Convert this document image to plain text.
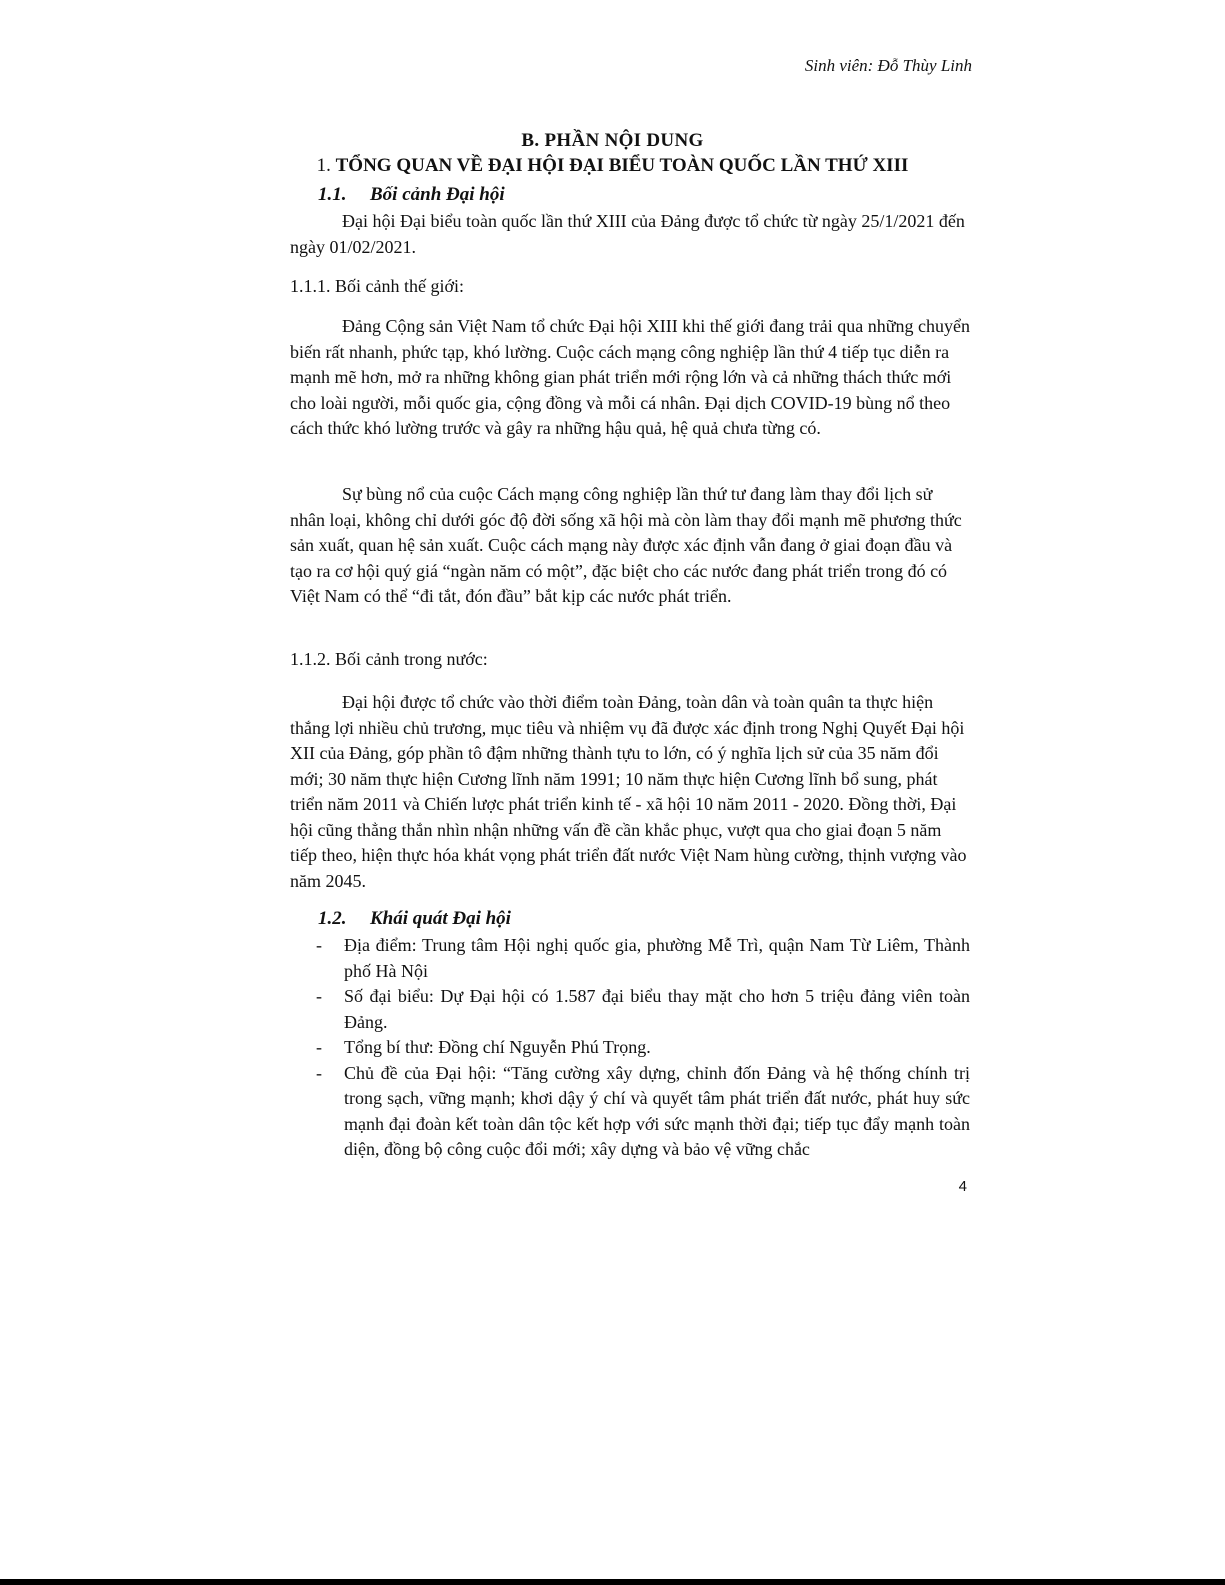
Sinh viên: Đỗ Thùy Linh
B. PHẦN NỘI DUNG
1. TỔNG QUAN VỀ ĐẠI HỘI ĐẠI BIỂU TOÀN QUỐC LẦN THỨ XIII
1.1. Bối cảnh Đại hội
Đại hội Đại biểu toàn quốc lần thứ XIII của Đảng được tổ chức từ ngày 25/1/2021 đến ngày 01/02/2021.
1.1.1. Bối cảnh thế giới:
Đảng Cộng sản Việt Nam tổ chức Đại hội XIII khi thế giới đang trải qua những chuyển biến rất nhanh, phức tạp, khó lường. Cuộc cách mạng công nghiệp lần thứ 4 tiếp tục diễn ra mạnh mẽ hơn, mở ra những không gian phát triển mới rộng lớn và cả những thách thức mới cho loài người, mỗi quốc gia, cộng đồng và mỗi cá nhân. Đại dịch COVID-19 bùng nổ theo cách thức khó lường trước và gây ra những hậu quả, hệ quả chưa từng có.
Sự bùng nổ của cuộc Cách mạng công nghiệp lần thứ tư đang làm thay đổi lịch sử nhân loại, không chỉ dưới góc độ đời sống xã hội mà còn làm thay đổi mạnh mẽ phương thức sản xuất, quan hệ sản xuất. Cuộc cách mạng này được xác định vẫn đang ở giai đoạn đầu và tạo ra cơ hội quý giá “ngàn năm có một”, đặc biệt cho các nước đang phát triển trong đó có Việt Nam có thể “đi tắt, đón đầu” bắt kịp các nước phát triển.
1.1.2. Bối cảnh trong nước:
Đại hội được tổ chức vào thời điểm toàn Đảng, toàn dân và toàn quân ta thực hiện thắng lợi nhiều chủ trương, mục tiêu và nhiệm vụ đã được xác định trong Nghị Quyết Đại hội XII của Đảng, góp phần tô đậm những thành tựu to lớn, có ý nghĩa lịch sử của 35 năm đổi mới; 30 năm thực hiện Cương lĩnh năm 1991; 10 năm thực hiện Cương lĩnh bổ sung, phát triển năm 2011 và Chiến lược phát triển kinh tế - xã hội 10 năm 2011 - 2020. Đồng thời, Đại hội cũng thẳng thắn nhìn nhận những vấn đề cần khắc phục, vượt qua cho giai đoạn 5 năm tiếp theo, hiện thực hóa khát vọng phát triển đất nước Việt Nam hùng cường, thịnh vượng vào năm 2045.
1.2. Khái quát Đại hội
- Địa điểm: Trung tâm Hội nghị quốc gia, phường Mễ Trì, quận Nam Từ Liêm, Thành phố Hà Nội
- Số đại biểu: Dự Đại hội có 1.587 đại biểu thay mặt cho hơn 5 triệu đảng viên toàn Đảng.
- Tổng bí thư: Đồng chí Nguyễn Phú Trọng.
- Chủ đề của Đại hội: “Tăng cường xây dựng, chỉnh đốn Đảng và hệ thống chính trị trong sạch, vững mạnh; khơi dậy ý chí và quyết tâm phát triển đất nước, phát huy sức mạnh đại đoàn kết toàn dân tộc kết hợp với sức mạnh thời đại; tiếp tục đẩy mạnh toàn diện, đồng bộ công cuộc đổi mới; xây dựng và bảo vệ vững chắc
4
